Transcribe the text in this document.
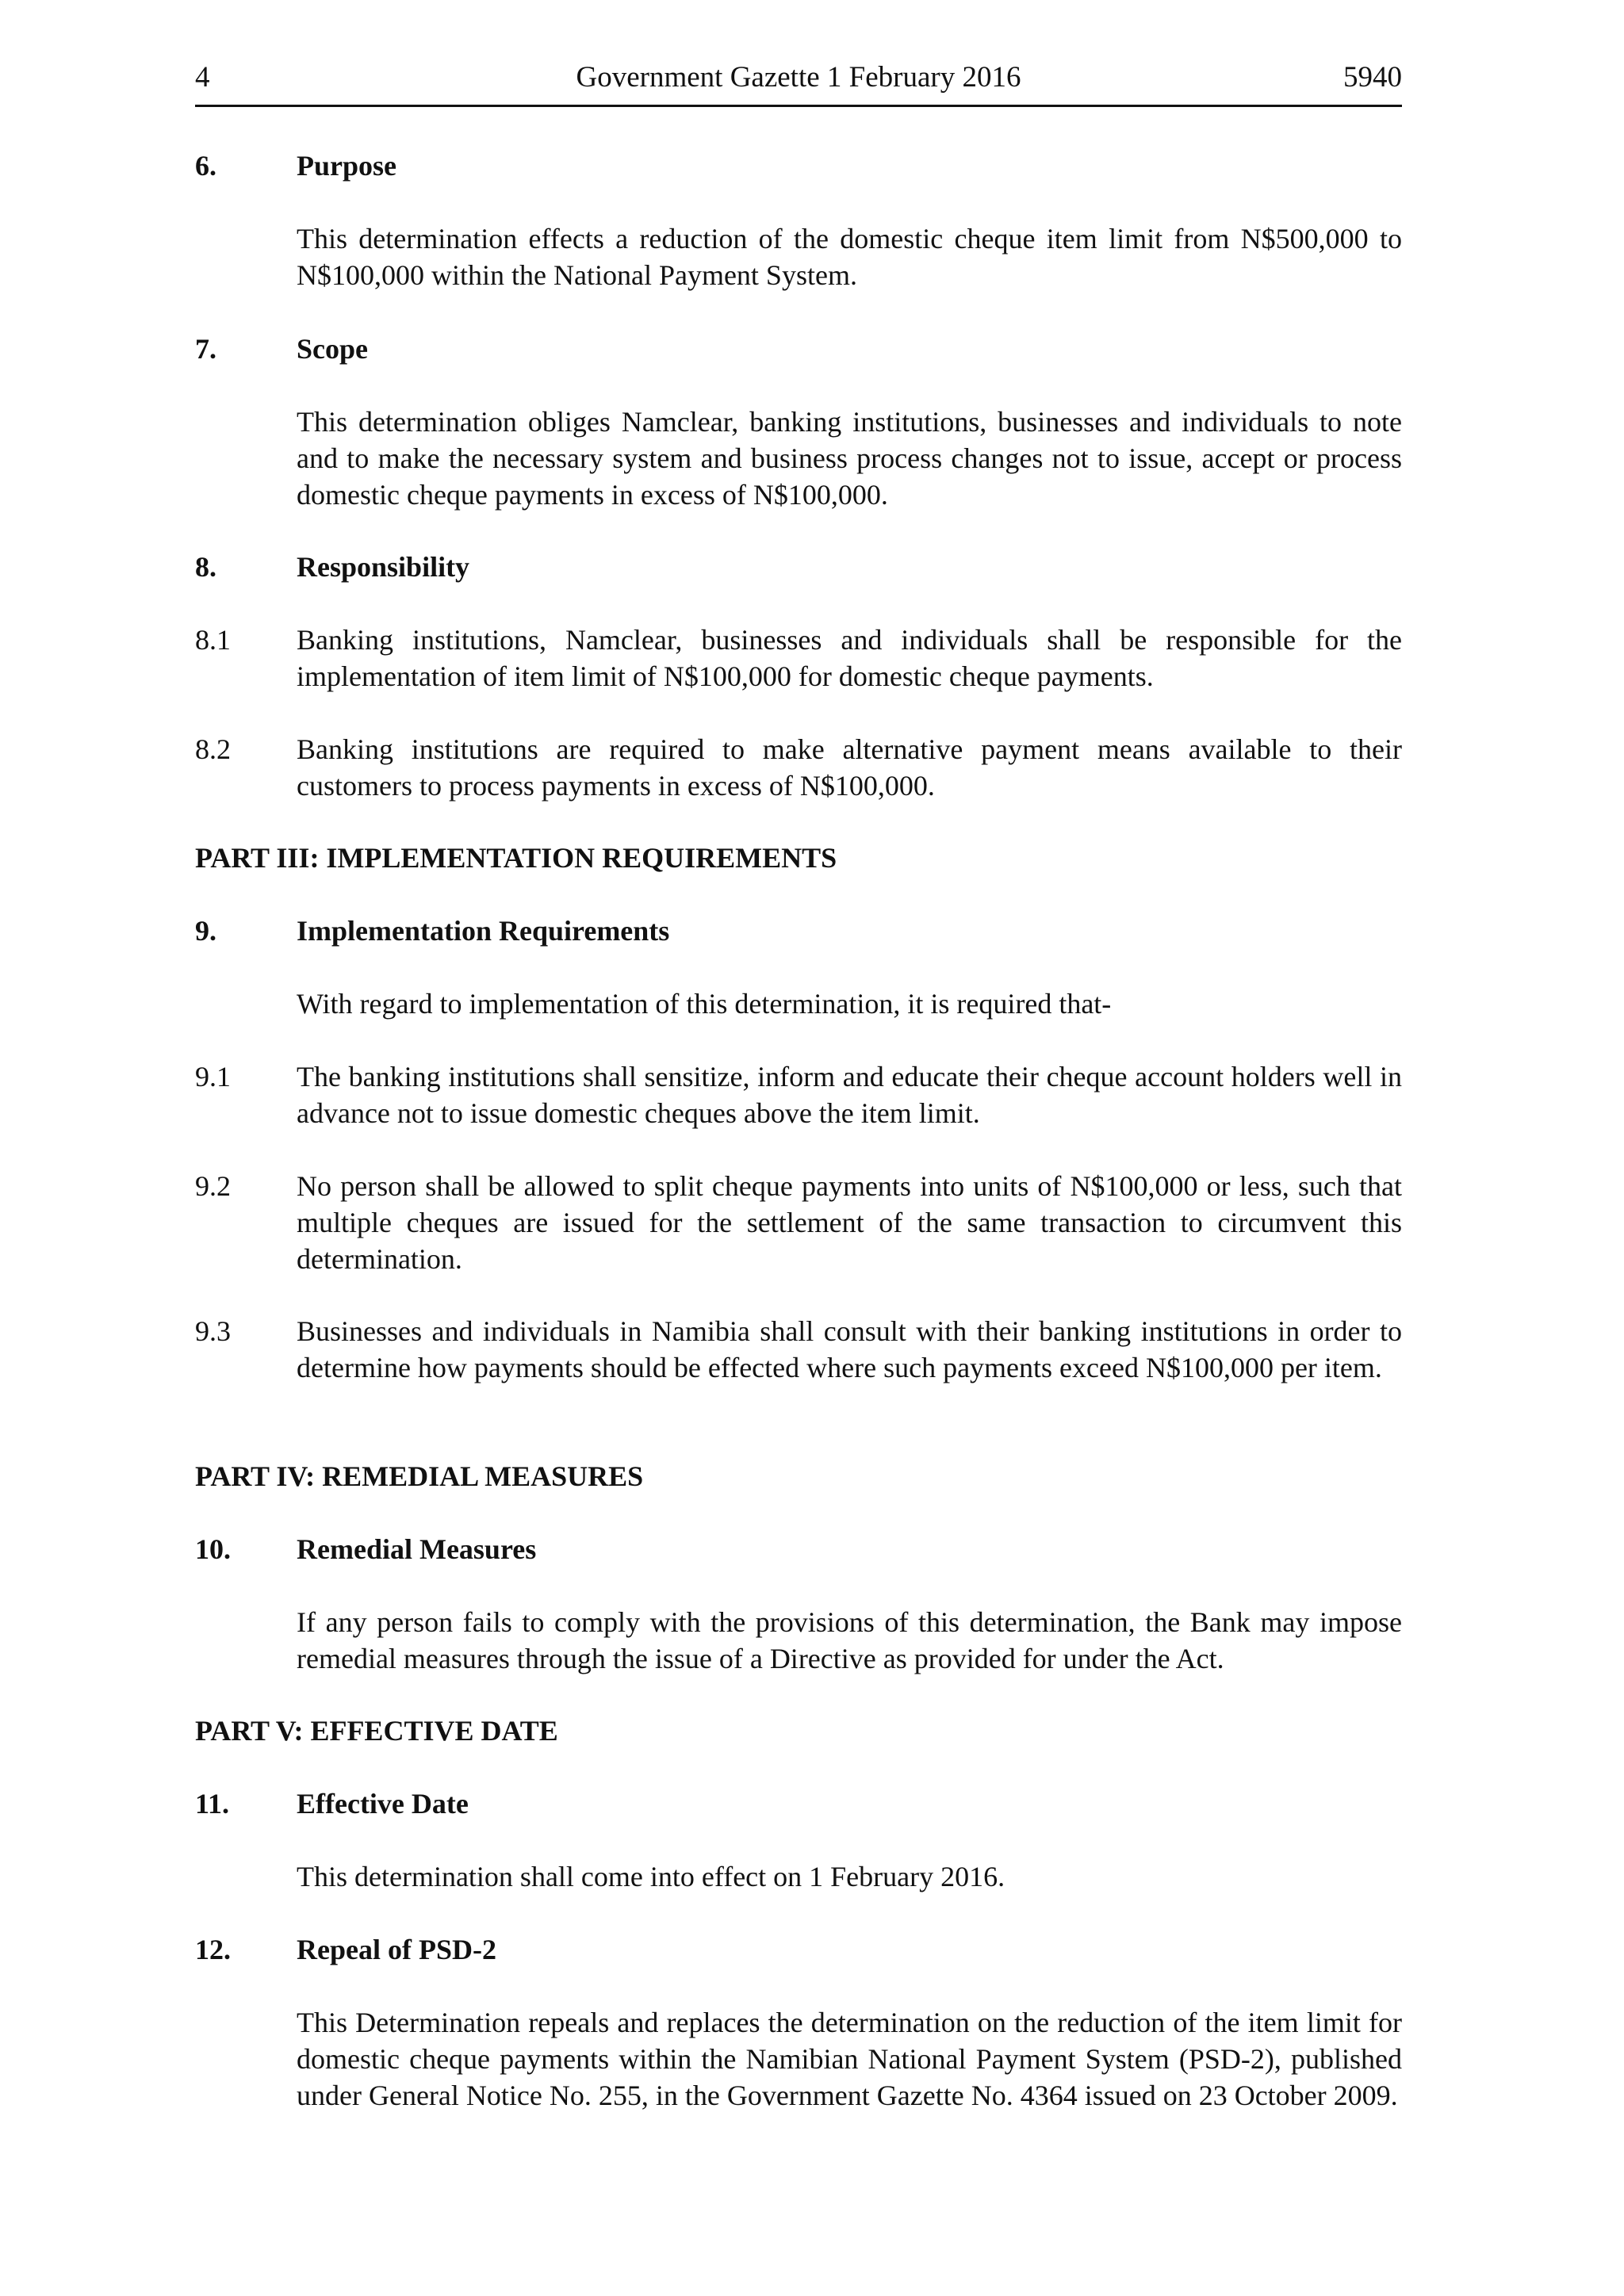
4	Government Gazette 1 February 2016	5940
6.	Purpose
This determination effects a reduction of the domestic cheque item limit from N$500,000 to N$100,000 within the National Payment System.
7.	Scope
This determination obliges Namclear, banking institutions, businesses and individuals to note and to make the necessary system and business process changes not to issue, accept or process domestic cheque payments in excess of N$100,000.
8.	Responsibility
8.1 Banking institutions, Namclear, businesses and individuals shall be responsible for the implementation of item limit of N$100,000 for domestic cheque payments.
8.2 Banking institutions are required to make alternative payment means available to their customers to process payments in excess of N$100,000.
PART III: IMPLEMENTATION REQUIREMENTS
9.	Implementation Requirements
With regard to implementation of this determination, it is required that-
9.1 The banking institutions shall sensitize, inform and educate their cheque account holders well in advance not to issue domestic cheques above the item limit.
9.2 No person shall be allowed to split cheque payments into units of N$100,000 or less, such that multiple cheques are issued for the settlement of the same transaction to circumvent this determination.
9.3 Businesses and individuals in Namibia shall consult with their banking institutions in order to determine how payments should be effected where such payments exceed N$100,000 per item.
PART IV: REMEDIAL MEASURES
10. Remedial Measures
If any person fails to comply with the provisions of this determination, the Bank may impose remedial measures through the issue of a Directive as provided for under the Act.
PART V: EFFECTIVE DATE
11. Effective Date
This determination shall come into effect on 1 February 2016.
12. Repeal of PSD-2
This Determination repeals and replaces the determination on the reduction of the item limit for domestic cheque payments within the Namibian National Payment System (PSD-2), published under General Notice No. 255, in the Government Gazette No. 4364 issued on 23 October 2009.
